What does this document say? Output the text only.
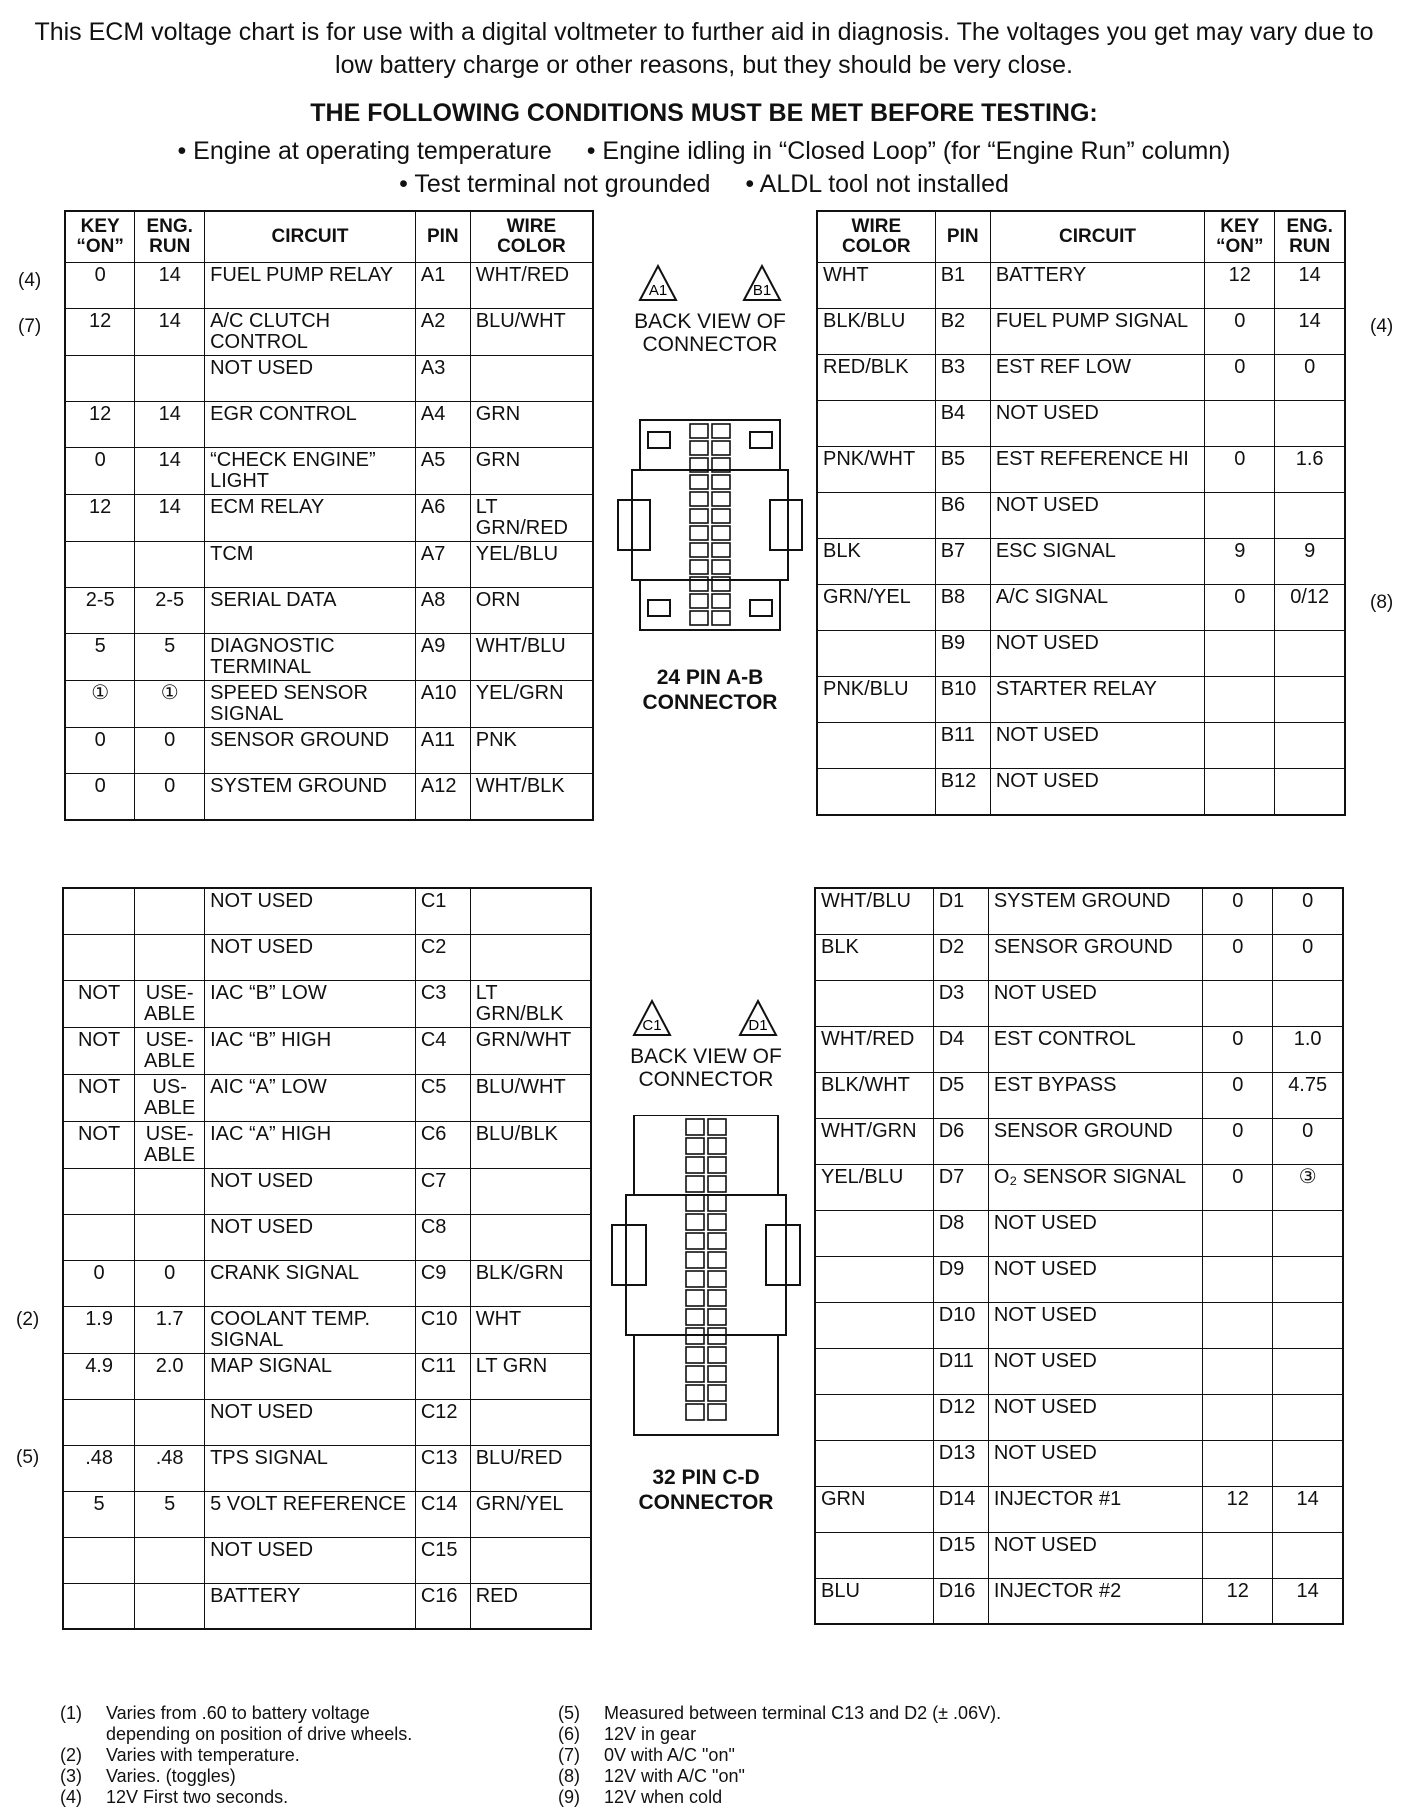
This ECM voltage chart is for use with a digital voltmeter to further aid in diagnosis. The voltages you get may vary due to low battery charge or other reasons, but they should be very close.
THE FOLLOWING CONDITIONS MUST BE MET BEFORE TESTING:
• Engine at operating temperature • Engine idling in “Closed Loop” (for “Engine Run” column)
• Test terminal not grounded • ALDL tool not installed
KEY “ON”	ENG. RUN	CIRCUIT	PIN	WIRE COLOR
0	14	FUEL PUMP RELAY	A1	WHT/RED
12	14	A/C CLUTCH CONTROL	A2	BLU/WHT
		NOT USED	A3	
12	14	EGR CONTROL	A4	GRN
0	14	“CHECK ENGINE” LIGHT	A5	GRN
12	14	ECM RELAY	A6	LT GRN/RED
		TCM	A7	YEL/BLU
2-5	2-5	SERIAL DATA	A8	ORN
5	5	DIAGNOSTIC TERMINAL	A9	WHT/BLU
①	①	SPEED SENSOR SIGNAL	A10	YEL/GRN
0	0	SENSOR GROUND	A11	PNK
0	0	SYSTEM GROUND	A12	WHT/BLK
WIRE COLOR	PIN	CIRCUIT	KEY “ON”	ENG. RUN
WHT	B1	BATTERY	12	14
BLK/BLU	B2	FUEL PUMP SIGNAL	0	14
RED/BLK	B3	EST REF LOW	0	0
	B4	NOT USED		
PNK/WHT	B5	EST REFERENCE HI	0	1.6
	B6	NOT USED		
BLK	B7	ESC SIGNAL	9	9
GRN/YEL	B8	A/C SIGNAL	0	0/12
	B9	NOT USED		
PNK/BLU	B10	STARTER RELAY		
	B11	NOT USED		
	B12	NOT USED		
		NOT USED	C1	
		NOT USED	C2	
NOT	USE-ABLE	IAC “B” LOW	C3	LT GRN/BLK
NOT	USE-ABLE	IAC “B” HIGH	C4	GRN/WHT
NOT	US-ABLE	AIC “A” LOW	C5	BLU/WHT
NOT	USE-ABLE	IAC “A” HIGH	C6	BLU/BLK
		NOT USED	C7	
		NOT USED	C8	
0	0	CRANK SIGNAL	C9	BLK/GRN
1.9	1.7	COOLANT TEMP. SIGNAL	C10	WHT
4.9	2.0	MAP SIGNAL	C11	LT GRN
		NOT USED	C12	
.48	.48	TPS SIGNAL	C13	BLU/RED
5	5	5 VOLT REFERENCE	C14	GRN/YEL
		NOT USED	C15	
		BATTERY	C16	RED
WHT/BLU	D1	SYSTEM GROUND	0	0
BLK	D2	SENSOR GROUND	0	0
	D3	NOT USED		
WHT/RED	D4	EST CONTROL	0	1.0
BLK/WHT	D5	EST BYPASS	0	4.75
WHT/GRN	D6	SENSOR GROUND	0	0
YEL/BLU	D7	O₂ SENSOR SIGNAL	0	③
	D8	NOT USED		
	D9	NOT USED		
	D10	NOT USED		
	D11	NOT USED		
	D12	NOT USED		
	D13	NOT USED		
GRN	D14	INJECTOR #1	12	14
	D15	NOT USED		
BLU	D16	INJECTOR #2	12	14
(4)
(7)	(4)
(8)
(2)
(5)
A1	B1
BACK VIEW OF CONNECTOR
24 PIN A-B CONNECTOR
C1	D1
BACK VIEW OF CONNECTOR
32 PIN C-D CONNECTOR
(1)	Varies from .60 to battery voltage
depending on position of drive wheels.
(2)	Varies with temperature.
(3)	Varies. (toggles)
(4)	12V First two seconds.
(5)	Measured between terminal C13 and D2 (± .06V).
(6)	12V in gear
(7)	0V with A/C "on"
(8)	12V with A/C "on"
(9)	12V when cold
